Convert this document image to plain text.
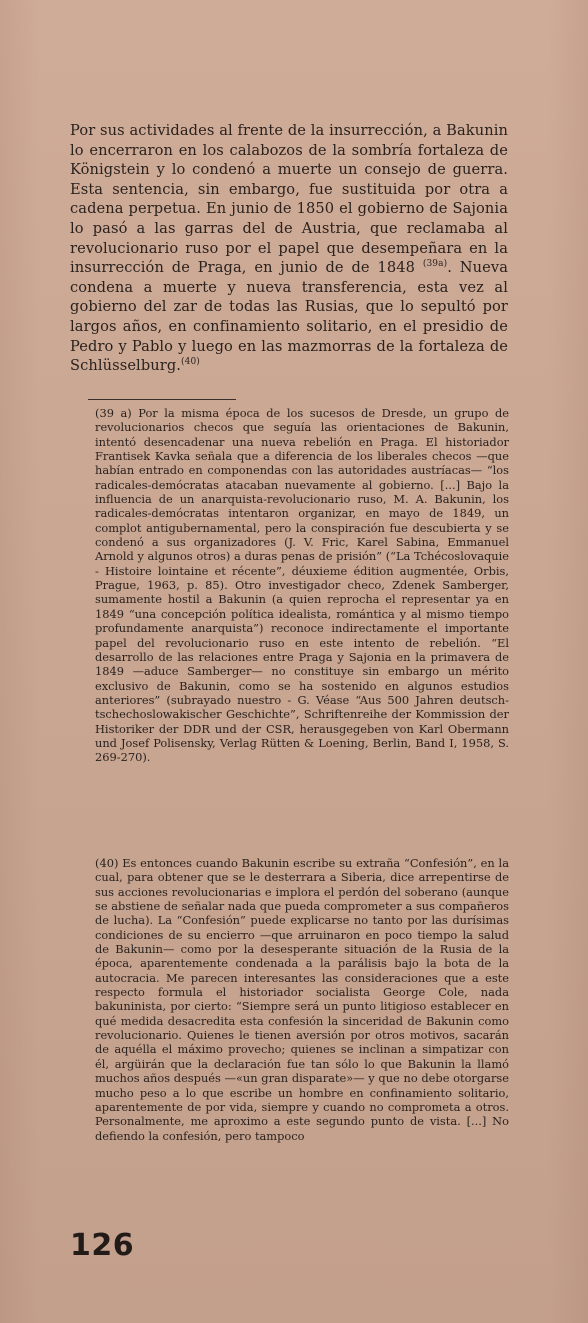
Por sus actividades al frente de la insurrección, a Bakunin lo encerraron en los calabozos de la sombría fortaleza de Königstein y lo condenó a muerte un consejo de guerra. Esta sentencia, sin embargo, fue sustituida por otra a cadena perpetua. En junio de 1850 el gobierno de Sajonia lo pasó a las garras del de Austria, que reclamaba al revolucionario ruso por el papel que desempeñara en la insurrección de Praga, en junio de de 1848 $^{(39a)}$. Nueva condena a muerte y nueva transferencia, esta vez al gobierno del zar de todas las Rusias, que lo sepultó por largos años, en confinamiento solitario, en el presidio de Pedro y Pablo y luego en las mazmorras de la fortaleza de Schlüsselburg.$^{(40)}$

(39 a) Por la misma época de los sucesos de Dresde, un grupo de revolucionarios checos que seguía las orientaciones de Bakunin, intentó desencadenar una nueva rebelión en Praga. El historiador Frantisek Kavka señala que a diferencia de los liberales checos —que habían entrado en componendas con las autoridades austríacas— “los radicales-demócratas atacaban nuevamente al gobierno. [...] Bajo la influencia de un anarquista-revolucionario ruso, M. A. Bakunin, los radicales-demócratas intentaron organizar, en mayo de 1849, un complot antigubernamental, pero la conspiración fue descubierta y se condenó a sus organizadores (J. V. Fric, Karel Sabina, Emmanuel Arnold y algunos otros) a duras penas de prisión” (“La Tchécoslovaquie - Histoire lointaine et récente”, déuxieme édition augmentée, Orbis, Prague, 1963, p. 85). Otro investigador checo, Zdenek Samberger, sumamente hostil a Bakunin (a quien reprocha el representar ya en 1849 “una concepción política idealista, romántica y al mismo tiempo profundamente anarquista”) reconoce indirectamente el importante papel del revolucionario ruso en este intento de rebelión. “El desarrollo de las relaciones entre Praga y Sajonia en la primavera de 1849 —aduce Samberger— no constituye sin embargo un mérito exclusivo de Bakunin, como se ha sostenido en algunos estudios anteriores” (subrayado nuestro - G. Véase “Aus 500 Jahren deutsch-tschechoslowakischer Geschichte”, Schriftenreihe der Kommission der Historiker der DDR und der CSR, herausgegeben von Karl Obermann und Josef Polisensky, Verlag Rütten & Loening, Berlin, Band I, 1958, S. 269-270).

(40) Es entonces cuando Bakunin escribe su extraña “Confesión”, en la cual, para obtener que se le desterrara a Siberia, dice arrepentirse de sus acciones revolucionarias e implora el perdón del soberano (aunque se abstiene de señalar nada que pueda comprometer a sus compañeros de lucha). La “Confesión” puede explicarse no tanto por las durísimas condiciones de su encierro —que arruinaron en poco tiempo la salud de Bakunin— como por la desesperante situación de la Rusia de la época, aparentemente condenada a la parálisis bajo la bota de la autocracia. Me parecen interesantes las consideraciones que a este respecto formula el historiador socialista George Cole, nada bakuninista, por cierto: “Siempre será un punto litigioso establecer en qué medida desacredita esta confesión la sinceridad de Bakunin como revolucionario. Quienes le tienen aversión por otros motivos, sacarán de aquélla el máximo provecho; quienes se inclinan a simpatizar con él, argüirán que la declaración fue tan sólo lo que Bakunin la llamó muchos años después —«un gran disparate»— y que no debe otorgarse mucho peso a lo que escribe un hombre en confinamiento solitario, aparentemente de por vida, siempre y cuando no comprometa a otros. Personalmente, me aproximo a este segundo punto de vista. [...] No defiendo la confesión, pero tampoco

126
